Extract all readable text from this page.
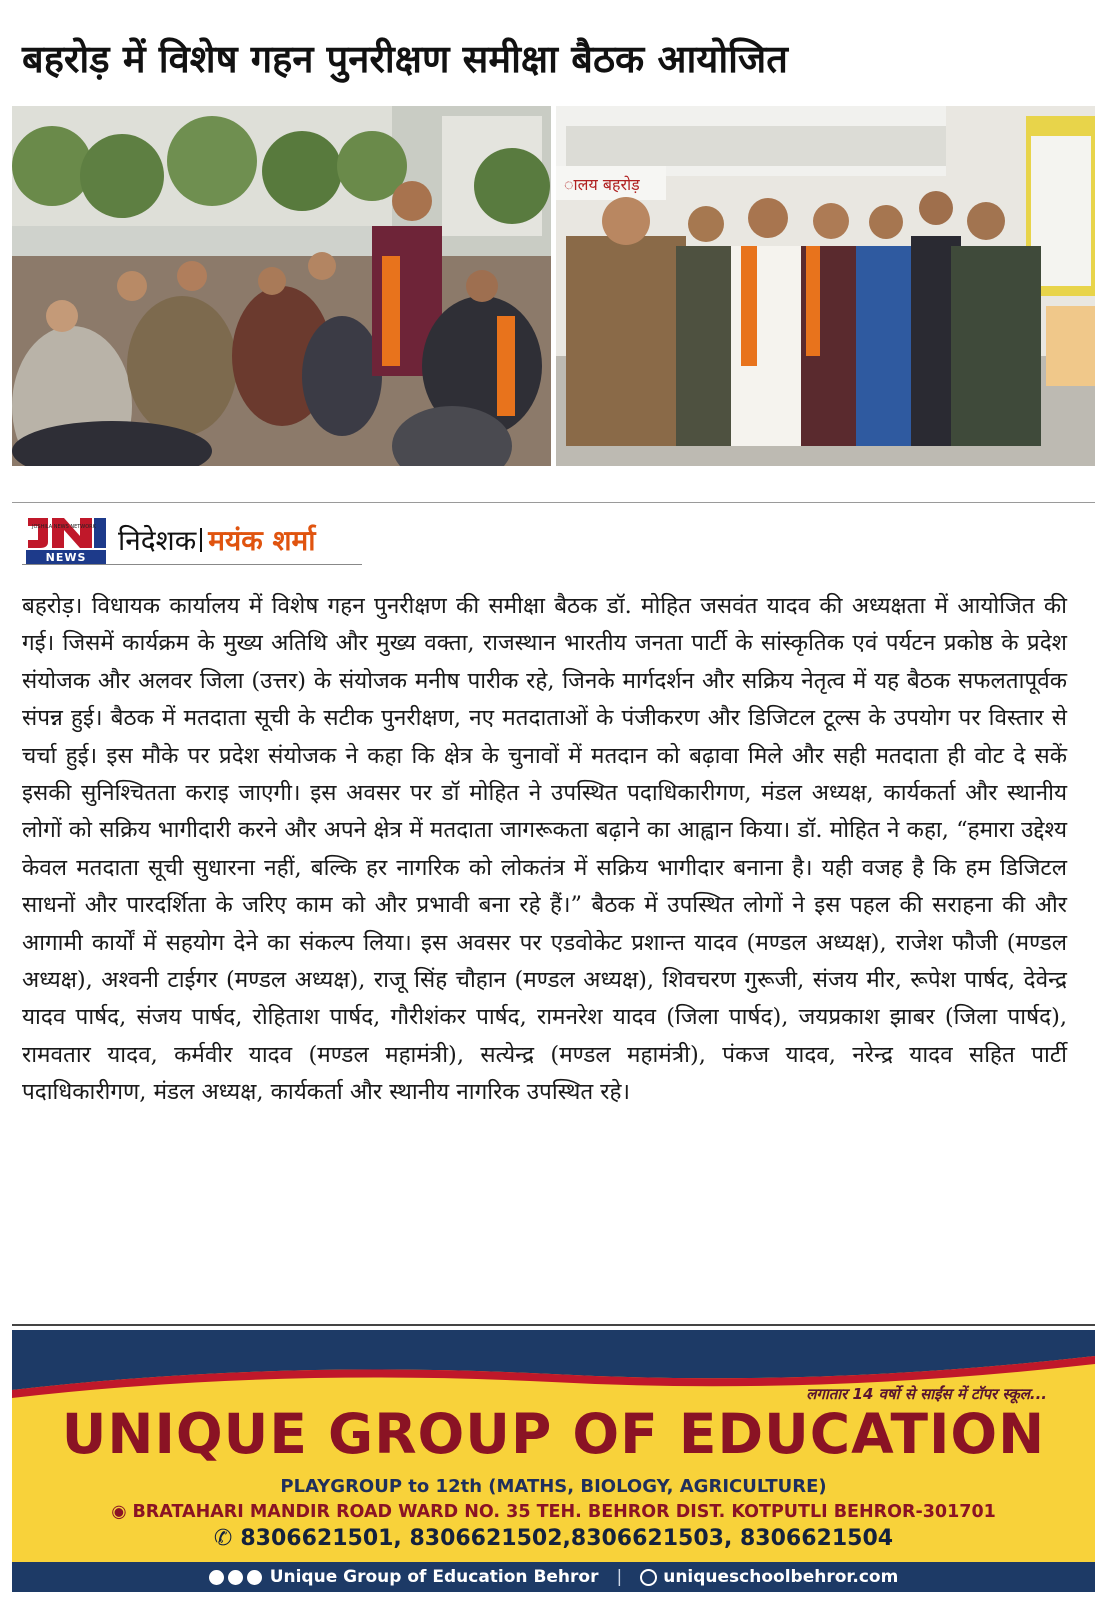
बहरोड़ में विशेष गहन पुनरीक्षण समीक्षा बैठक आयोजित
ालय बहरोड़
JOSHILA NEWS NETWORK
NEWS
निदेशक मयंक शर्मा

बहरोड़। विधायक कार्यालय में विशेष गहन पुनरीक्षण की समीक्षा बैठक डॉ. मोहित जसवंत यादव की अध्यक्षता में आयोजित की गई। जिसमें कार्यक्रम के मुख्य अतिथि और मुख्य वक्ता, राजस्थान भारतीय जनता पार्टी के सांस्कृतिक एवं पर्यटन प्रकोष्ठ के प्रदेश संयोजक और अलवर जिला (उत्तर) के संयोजक मनीष पारीक रहे, जिनके मार्गदर्शन और सक्रिय नेतृत्व में यह बैठक सफलतापूर्वक संपन्न हुई। बैठक में मतदाता सूची के सटीक पुनरीक्षण, नए मतदाताओं के पंजीकरण और डिजिटल टूल्स के उपयोग पर विस्तार से चर्चा हुई। इस मौके पर प्रदेश संयोजक ने कहा कि क्षेत्र के चुनावों में मतदान को बढ़ावा मिले और सही मतदाता ही वोट दे सकें इसकी सुनिश्चितता कराइ जाएगी। इस अवसर पर डॉ मोहित ने उपस्थित पदाधिकारीगण, मंडल अध्यक्ष, कार्यकर्ता और स्थानीय लोगों को सक्रिय भागीदारी करने और अपने क्षेत्र में मतदाता जागरूकता बढ़ाने का आह्वान किया। डॉ. मोहित ने कहा, “हमारा उद्देश्य केवल मतदाता सूची सुधारना नहीं, बल्कि हर नागरिक को लोकतंत्र में सक्रिय भागीदार बनाना है। यही वजह है कि हम डिजिटल साधनों और पारदर्शिता के जरिए काम को और प्रभावी बना रहे हैं।” बैठक में उपस्थित लोगों ने इस पहल की सराहना की और आगामी कार्यों में सहयोग देने का संकल्प लिया। इस अवसर पर एडवोकेट प्रशान्त यादव (मण्डल अध्यक्ष), राजेश फौजी (मण्डल अध्यक्ष), अश्वनी टाईगर (मण्डल अध्यक्ष), राजू सिंह चौहान (मण्डल अध्यक्ष), शिवचरण गुरूजी, संजय मीर, रूपेश पार्षद, देवेन्द्र यादव पार्षद, संजय पार्षद, रोहिताश पार्षद, गौरीशंकर पार्षद, रामनरेश यादव (जिला पार्षद), जयप्रकाश झाबर (जिला पार्षद), रामवतार यादव, कर्मवीर यादव (मण्डल महामंत्री), सत्येन्द्र (मण्डल महामंत्री), पंकज यादव, नरेन्द्र यादव सहित पार्टी पदाधिकारीगण, मंडल अध्यक्ष, कार्यकर्ता और स्थानीय नागरिक उपस्थित रहे।

लगातार 14 वर्षो से साईंस में टॉपर स्कूल...
UNIQUE GROUP OF EDUCATION
PLAYGROUP to 12th (MATHS, BIOLOGY, AGRICULTURE)
◉ BRATAHARI MANDIR ROAD WARD NO. 35 TEH. BEHROR DIST. KOTPUTLI BEHROR-301701
✆ 8306621501, 8306621502,8306621503, 8306621504
Unique Group of Education Behror | uniqueschoolbehror.com
